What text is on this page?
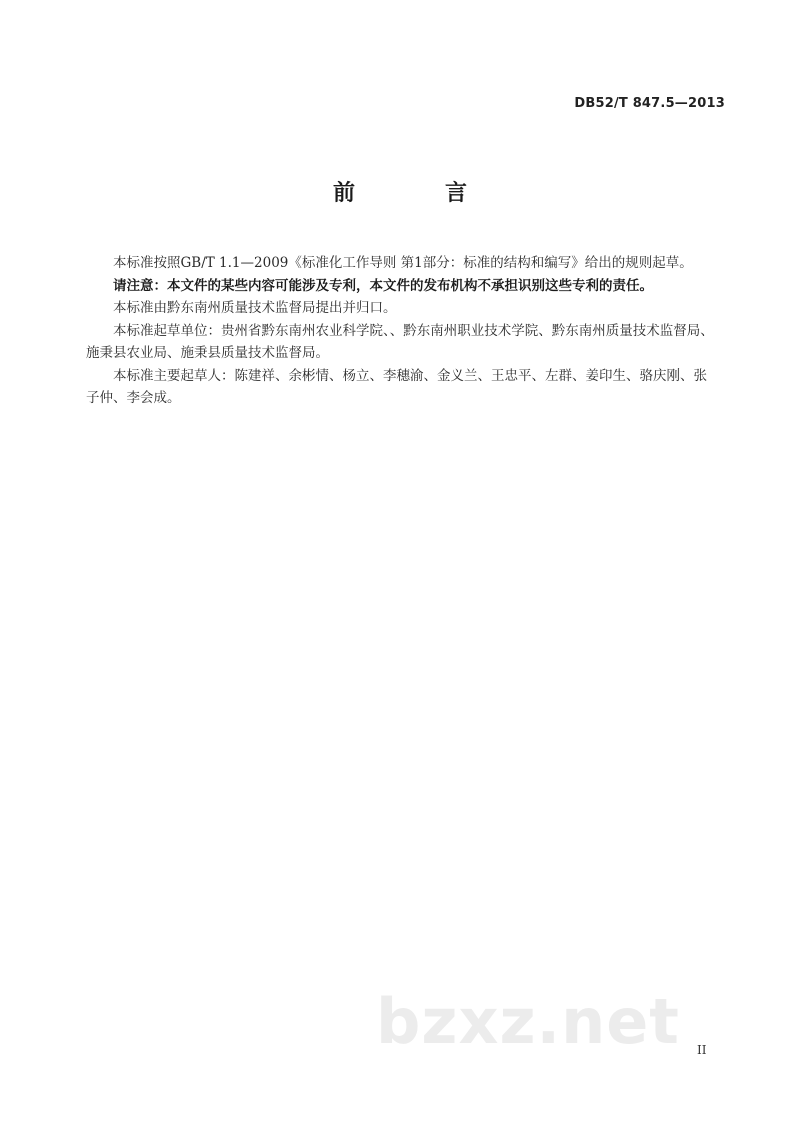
DB52/T 847.5—2013
前　言

本标准按照GB/T 1.1—2009《标准化工作导则 第1部分：标准的结构和编写》给出的规则起草。

请注意：本文件的某些内容可能涉及专利，本文件的发布机构不承担识别这些专利的责任。

本标准由黔东南州质量技术监督局提出并归口。

本标准起草单位：贵州省黔东南州农业科学院、、黔东南州职业技术学院、黔东南州质量技术监督局、施秉县农业局、施秉县质量技术监督局。

本标准主要起草人：陈建祥、余彬情、杨立、李穗渝、金义兰、王忠平、左群、姜印生、骆庆刚、张子仲、李会成。

bzxz.net II
